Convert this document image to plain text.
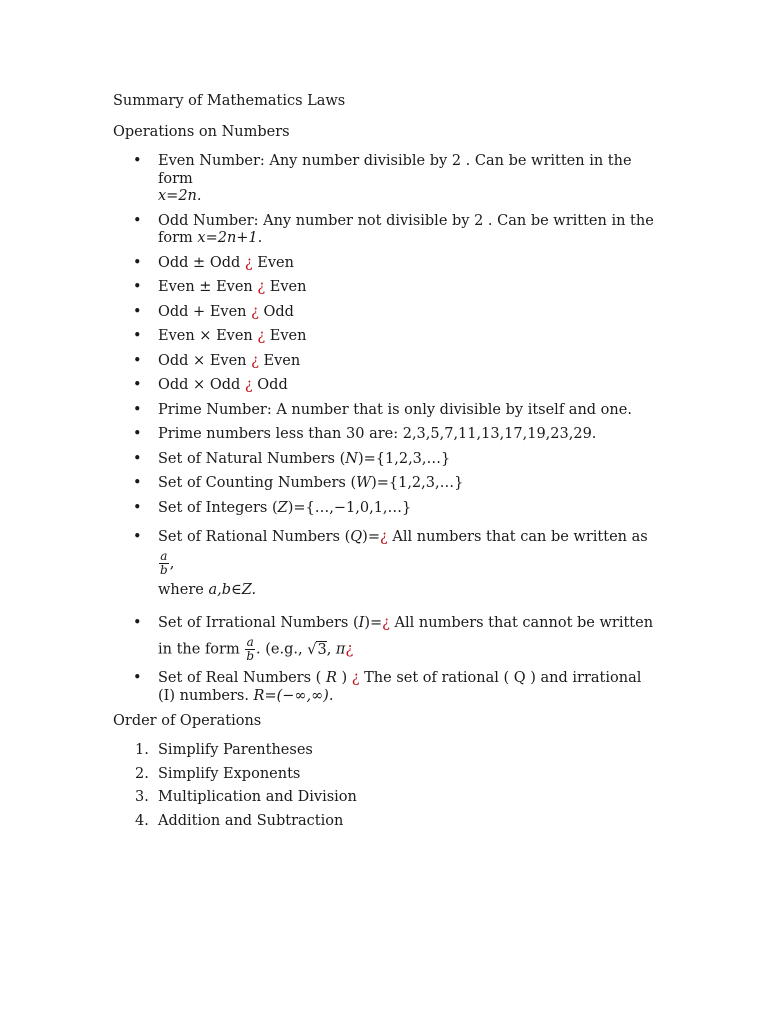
Summary of Mathematics Laws

Operations on Numbers

• Even Number: Any number divisible by 2 . Can be written in the form
x=2n.
• Odd Number: Any number not divisible by 2 . Can be written in the form x=2n+1.
• Odd ± Odd ¿ Even
• Even ± Even ¿ Even
• Odd + Even ¿ Odd
• Even × Even ¿ Even
• Odd × Even ¿ Even
• Odd × Odd ¿ Odd
• Prime Number: A number that is only divisible by itself and one.
• Prime numbers less than 30 are: 2,3,5,7,11,13,17,19,23,29.
• Set of Natural Numbers (N)={1,2,3,…}
• Set of Counting Numbers (W)={1,2,3,…}
• Set of Integers (Z)={…,−1,0,1,…}
• Set of Rational Numbers (Q)=¿ All numbers that can be written as
$\frac{a}{b}$ ,
where a,b∈Z.
• Set of Irrational Numbers (I)=¿ All numbers that cannot be written in the form $\frac{a}{b}$ . (e.g., √3, π¿
• Set of Real Numbers ( R ) ¿ The set of rational ( Q ) and irrational (I) numbers. R=(−∞,∞).

Order of Operations

1. Simplify Parentheses
2. Simplify Exponents
3. Multiplication and Division
4. Addition and Subtraction
